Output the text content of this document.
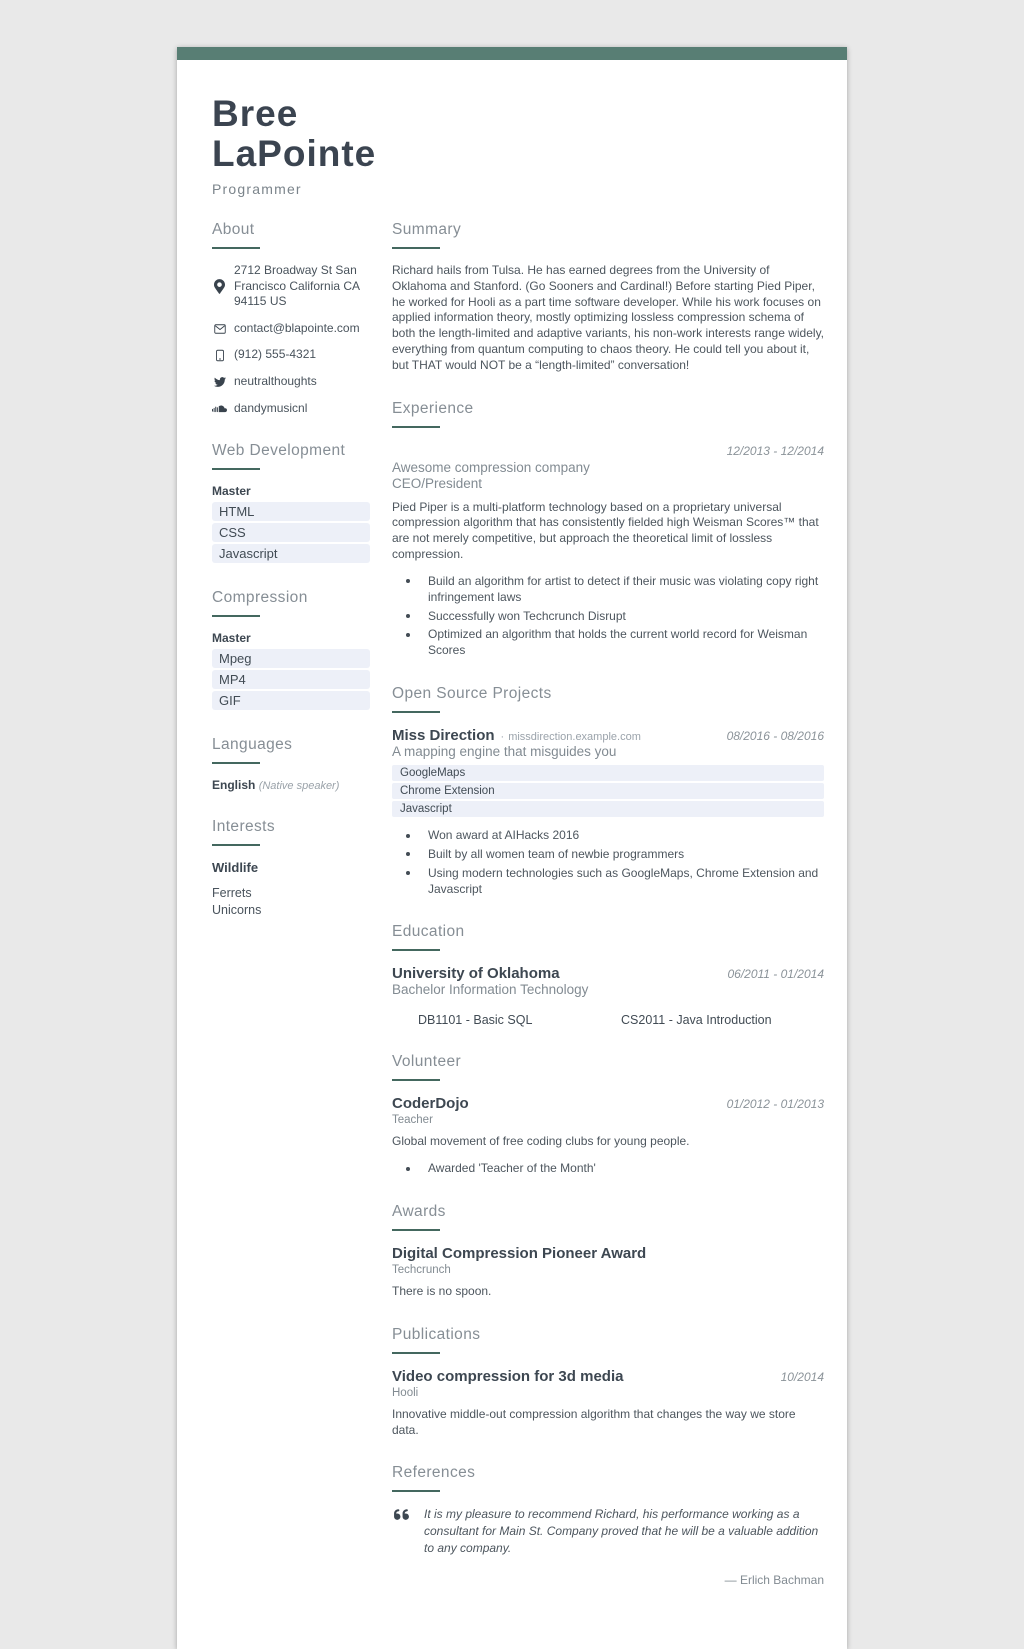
Bree
LaPointe
Programmer
About
2712 Broadway St San Francisco California CA 94115 US
contact@blapointe.com
(912) 555-4321
neutralthoughts
dandymusicnl
Web Development
Master
HTML
CSS
Javascript
Compression
Master
Mpeg
MP4
GIF
Languages
English (Native speaker)
Interests
Wildlife
Ferrets
Unicorns
Summary

Richard hails from Tulsa. He has earned degrees from the University of Oklahoma and Stanford. (Go Sooners and Cardinal!) Before starting Pied Piper, he worked for Hooli as a part time software developer. While his work focuses on applied information theory, mostly optimizing lossless compression schema of both the length-limited and adaptive variants, his non-work interests range widely, everything from quantum computing to chaos theory. He could tell you about it, but THAT would NOT be a “length-limited” conversation!

Experience
12/2013 - 12/2014
Awesome compression company
CEO/President

Pied Piper is a multi-platform technology based on a proprietary universal compression algorithm that has consistently fielded high Weisman Scores™ that are not merely competitive, but approach the theoretical limit of lossless compression.

Build an algorithm for artist to detect if their music was violating copy right infringement laws
Successfully won Techcrunch Disrupt
Optimized an algorithm that holds the current world record for Weisman Scores
Open Source Projects
Miss Direction · missdirection.example.com	08/2016 - 08/2016
A mapping engine that misguides you
GoogleMaps
Chrome Extension
Javascript
Won award at AIHacks 2016
Built by all women team of newbie programmers
Using modern technologies such as GoogleMaps, Chrome Extension and Javascript
Education
University of Oklahoma	06/2011 - 01/2014
Bachelor Information Technology
DB1101 - Basic SQL	CS2011 - Java Introduction
Volunteer
CoderDojo	01/2012 - 01/2013
Teacher

Global movement of free coding clubs for young people.

Awarded 'Teacher of the Month'
Awards
Digital Compression Pioneer Award
Techcrunch

There is no spoon.

Publications
Video compression for 3d media	10/2014
Hooli

Innovative middle-out compression algorithm that changes the way we store data.

References
It is my pleasure to recommend Richard, his performance working as a consultant for Main St. Company proved that he will be a valuable addition to any company.
— Erlich Bachman
